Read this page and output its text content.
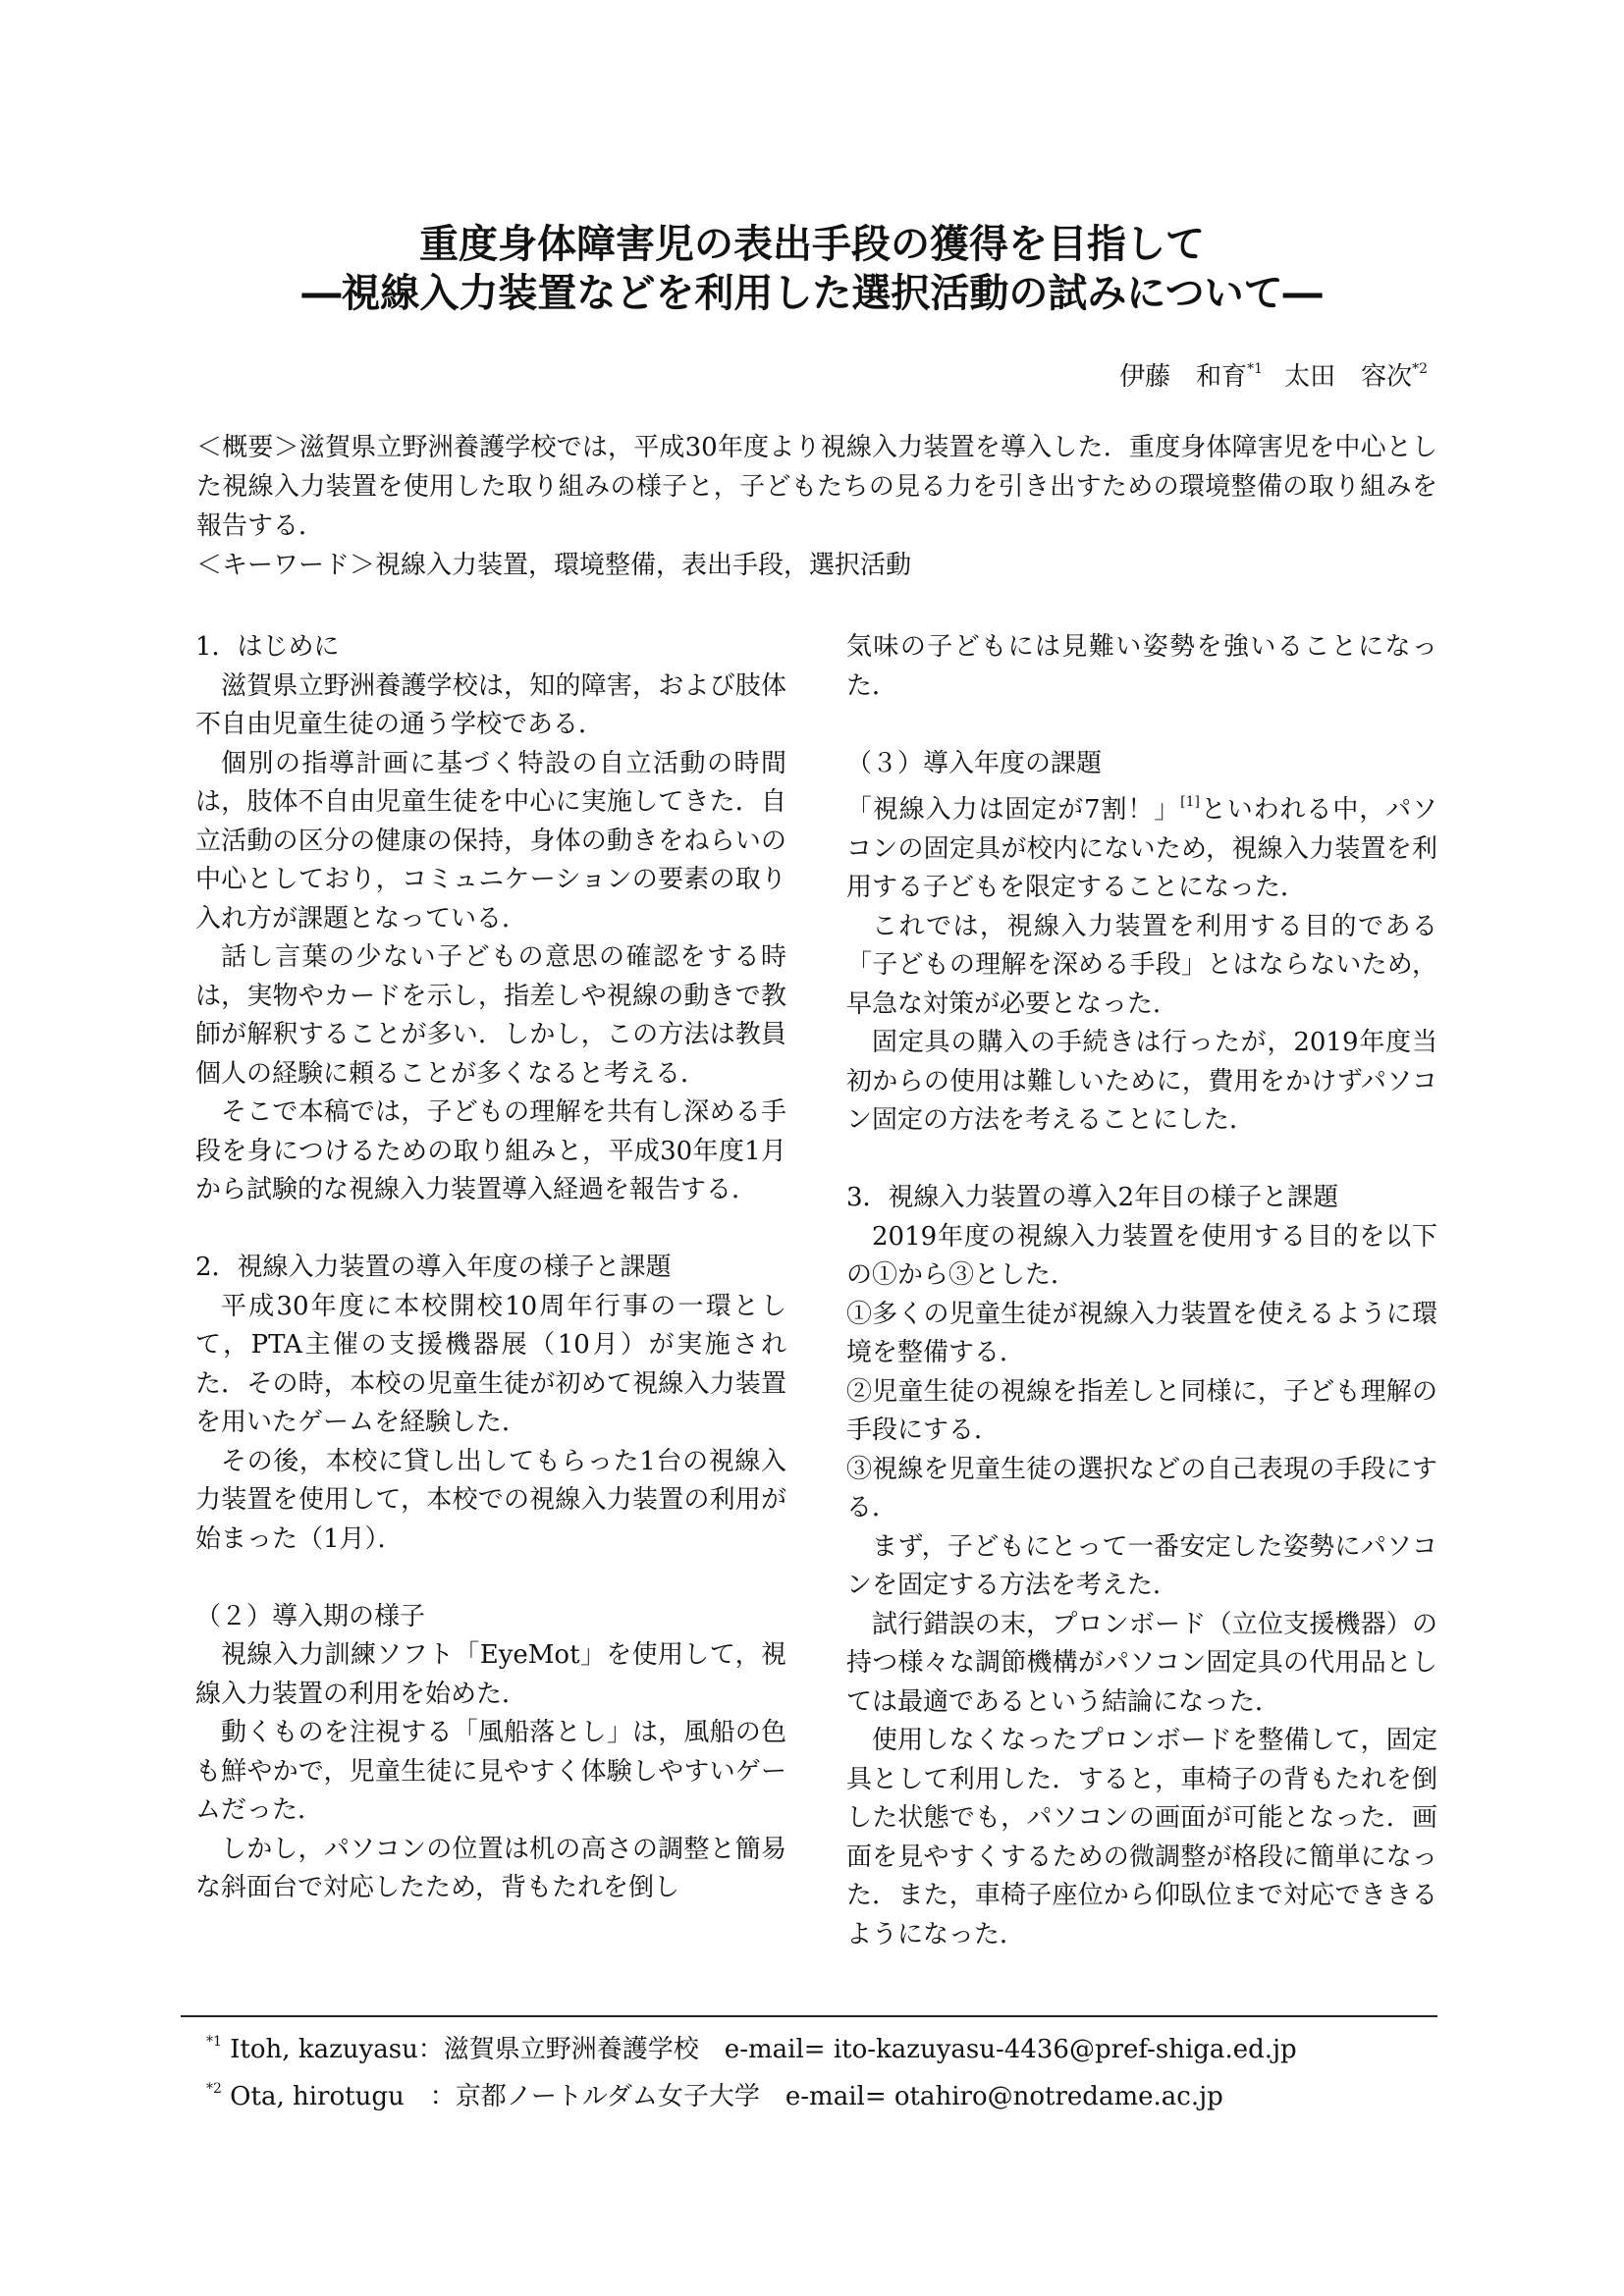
重度身体障害児の表出手段の獲得を目指して
―視線入力装置などを利用した選択活動の試みについて―
伊藤　和育$^{*1}$ 太田　容次$^{*2}$

＜概要＞滋賀県立野洲養護学校では，平成30年度より視線入力装置を導入した．重度身体障害児を中心とした視線入力装置を使用した取り組みの様子と，子どもたちの見る力を引き出すための環境整備の取り組みを報告する．

＜キーワード＞視線入力装置，環境整備，表出手段，選択活動

1．はじめに

滋賀県立野洲養護学校は，知的障害，および肢体不自由児童生徒の通う学校である．

個別の指導計画に基づく特設の自立活動の時間は，肢体不自由児童生徒を中心に実施してきた．自立活動の区分の健康の保持，身体の動きをねらいの中心としており，コミュニケーションの要素の取り入れ方が課題となっている．

話し言葉の少ない子どもの意思の確認をする時は，実物やカードを示し，指差しや視線の動きで教師が解釈することが多い．しかし，この方法は教員個人の経験に頼ることが多くなると考える．

そこで本稿では，子どもの理解を共有し深める手段を身につけるための取り組みと，平成30年度1月から試験的な視線入力装置導入経過を報告する．

2．視線入力装置の導入年度の様子と課題

平成30年度に本校開校10周年行事の一環として，PTA主催の支援機器展（10月）が実施された．その時，本校の児童生徒が初めて視線入力装置を用いたゲームを経験した．

その後，本校に貸し出してもらった1台の視線入力装置を使用して，本校での視線入力装置の利用が始まった（1月）．

（２）導入期の様子

視線入力訓練ソフト「EyeMot」を使用して，視線入力装置の利用を始めた．

動くものを注視する「風船落とし」は，風船の色も鮮やかで，児童生徒に見やすく体験しやすいゲームだった．

しかし，パソコンの位置は机の高さの調整と簡易な斜面台で対応したため，背もたれを倒し

気味の子どもには見難い姿勢を強いることになった．

（３）導入年度の課題

「視線入力は固定が7割！」[1]といわれる中，パソコンの固定具が校内にないため，視線入力装置を利用する子どもを限定することになった．

これでは，視線入力装置を利用する目的である「子どもの理解を深める手段」とはならないため，早急な対策が必要となった．

固定具の購入の手続きは行ったが，2019年度当初からの使用は難しいために，費用をかけずパソコン固定の方法を考えることにした．

3．視線入力装置の導入2年目の様子と課題

2019年度の視線入力装置を使用する目的を以下の①から③とした．

①多くの児童生徒が視線入力装置を使えるように環境を整備する．

②児童生徒の視線を指差しと同様に，子ども理解の手段にする．

③視線を児童生徒の選択などの自己表現の手段にする．

まず，子どもにとって一番安定した姿勢にパソコンを固定する方法を考えた．

試行錯誤の末，プロンボード（立位支援機器）の持つ様々な調節機構がパソコン固定具の代用品としては最適であるという結論になった．

使用しなくなったプロンボードを整備して，固定具として利用した．すると，車椅子の背もたれを倒した状態でも，パソコンの画面が可能となった．画面を見やすくするための微調整が格段に簡単になった．また，車椅子座位から仰臥位まで対応でききるようになった．

$^{*1}$ Itoh, kazuyasu：滋賀県立野洲養護学校　e-mail= ito-kazuyasu-4436@pref-shiga.ed.jp

$^{*2}$ Ota, hirotugu　：京都ノートルダム女子大学　e-mail= otahiro@notredame.ac.jp
